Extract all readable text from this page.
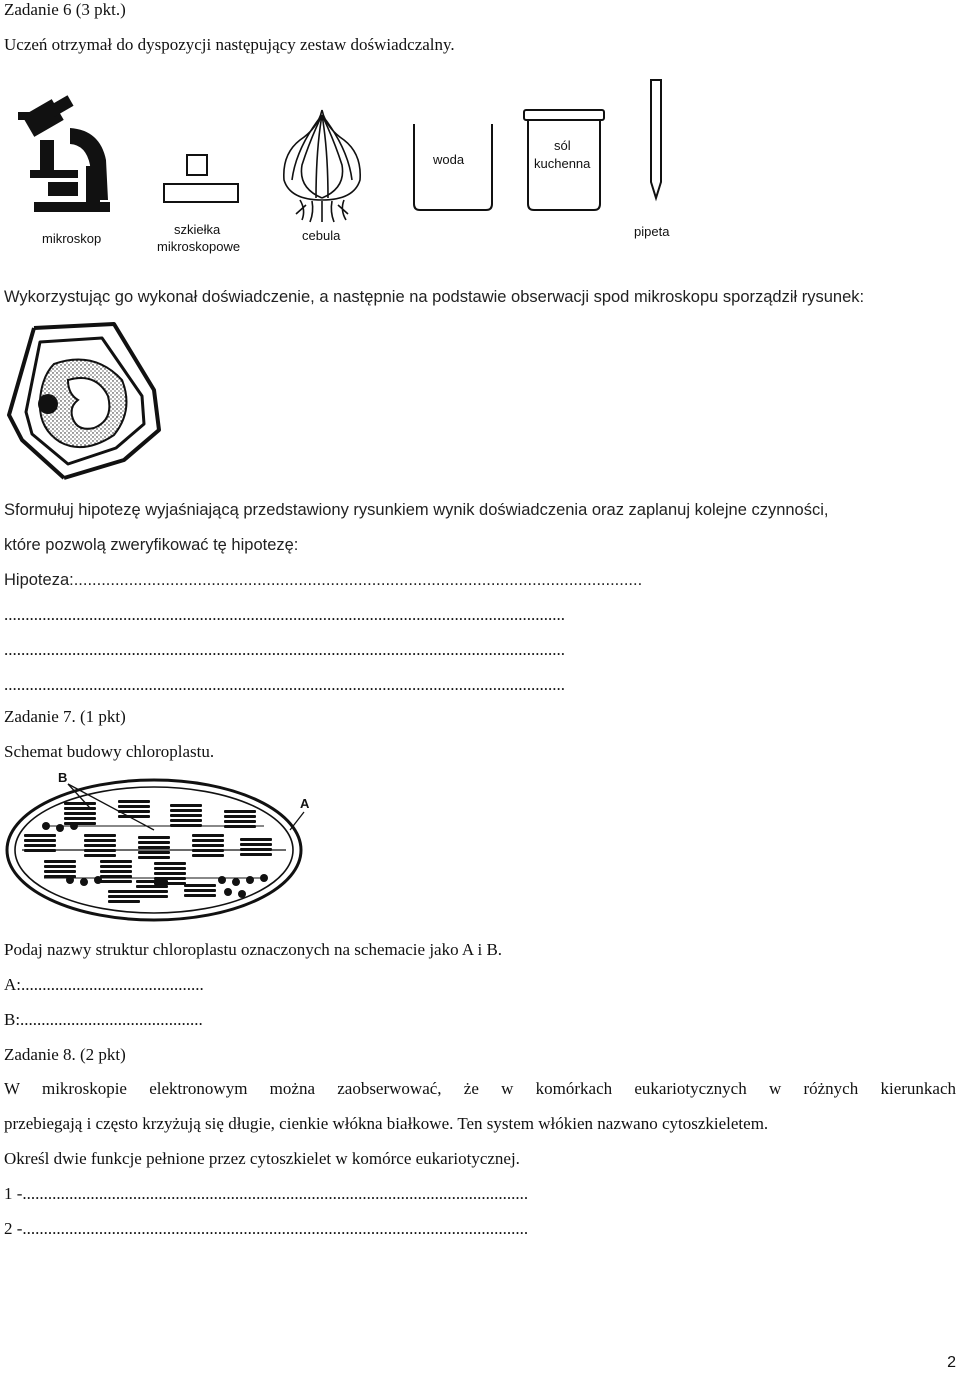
Zadanie 6 (3 pkt.)
Uczeń otrzymał do dyspozycji następujący zestaw doświadczalny.
mikroskop
szkiełka
mikroskopowe
cebula
woda
sól
kuchenna
pipeta
Wykorzystując go wykonał doświadczenie, a następnie na podstawie obserwacji spod mikroskopu sporządził rysunek:
Sformułuj hipotezę wyjaśniającą przedstawiony rysunkiem wynik doświadczenia oraz zaplanuj kolejne czynności,
które pozwolą zweryfikować tę hipotezę:
Hipoteza:............................................................................................................................
....................................................................................................................................
....................................................................................................................................
....................................................................................................................................
Zadanie 7. (1 pkt)
Schemat budowy chloroplastu.
B
A
Podaj nazwy struktur chloroplastu oznaczonych na schemacie jako A i B.
A:...........................................
B:...........................................
Zadanie 8. (2 pkt)
W mikroskopie elektronowym można zaobserwować, że w komórkach eukariotycznych w różnych kierunkach
przebiegają i często krzyżują się długie, cienkie włókna białkowe. Ten system włókien nazwano cytoszkieletem.
Określ dwie funkcje pełnione przez cytoszkielet w komórce eukariotycznej.
1 -.......................................................................................................................
2 -.......................................................................................................................
2
